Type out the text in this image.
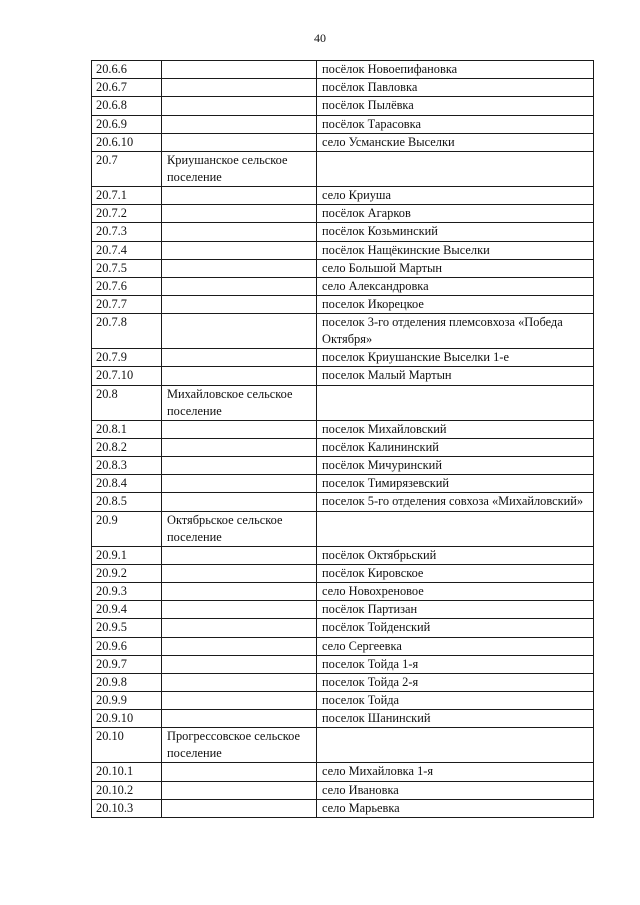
40
20.6.6		посёлок Новоепифановка
20.6.7		посёлок Павловка
20.6.8		посёлок Пылёвка
20.6.9		посёлок Тарасовка
20.6.10		село Усманские Выселки
20.7	Криушанское сельское поселение	
20.7.1		село Криуша
20.7.2		посёлок Агарков
20.7.3		посёлок Козьминский
20.7.4		посёлок Нащёкинские Выселки
20.7.5		село Большой Мартын
20.7.6		село Александровка
20.7.7		поселок Икорецкое
20.7.8		поселок 3-го отделения племсовхоза «Победа Октября»
20.7.9		поселок Криушанские Выселки 1-е
20.7.10		поселок Малый Мартын
20.8	Михайловское сельское поселение	
20.8.1		поселок Михайловский
20.8.2		посёлок Калининский
20.8.3		посёлок Мичуринский
20.8.4		поселок Тимирязевский
20.8.5		поселок 5-го отделения совхоза «Михайловский»
20.9	Октябрьское сельское поселение	
20.9.1		посёлок Октябрьский
20.9.2		посёлок Кировское
20.9.3		село Новохреновое
20.9.4		посёлок Партизан
20.9.5		посёлок Тойденский
20.9.6		село Сергеевка
20.9.7		поселок Тойда 1-я
20.9.8		поселок Тойда 2-я
20.9.9		поселок Тойда
20.9.10		поселок Шанинский
20.10	Прогрессовское сельское поселение	
20.10.1		село Михайловка 1-я
20.10.2		село Ивановка
20.10.3		село Марьевка
